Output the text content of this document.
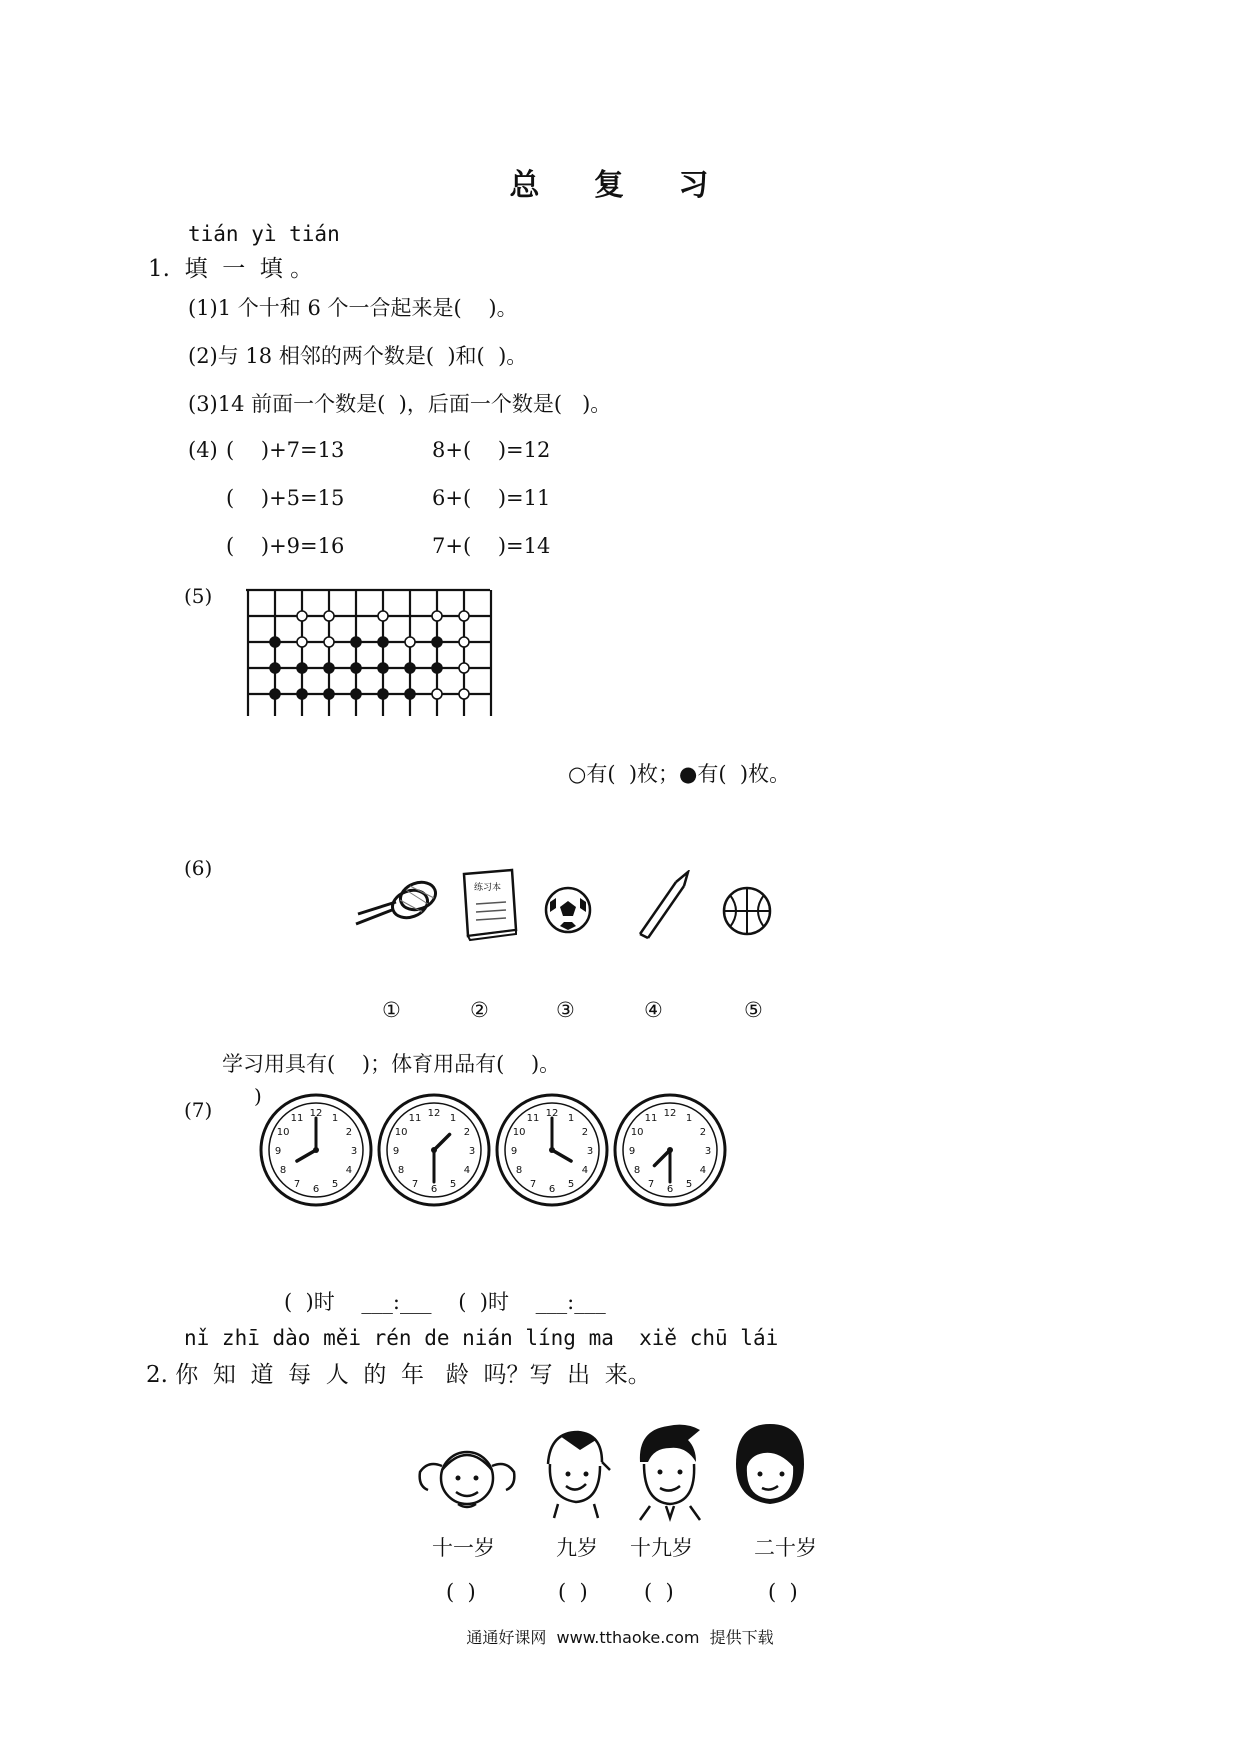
总 复 习
tián yì tián
1.  填  一  填 。
(1)1 个十和 6 个一合起来是(    )。
(2)与 18 相邻的两个数是(  )和(  )。
(3)14 前面一个数是(  )，后面一个数是(   )。
(4) (    )+7=13	8+(    )=12
(    )+5=15	6+(    )=11
(    )+9=16	7+(    )=14
(5)
○有(  )枚；●有(  )枚。
(6)
练习本
①	②	③	④	⑤
学习用具有(    )；体育用品有(    )。
(7)
)
1
2
3
4
5
6
7
8
9
10
11 12	1
2
3
4
5
6
7
8
9
10
11 12	1
2
3
4
5
6
7
8
9
10
11 12	1
2
3
4
5
6
7
8
9
10
11 12
(  )时    ___:___    (  )时    ___:___
nǐ zhī dào měi rén de nián líng ma  xiě chū lái
2. 你  知  道  每  人  的  年   龄  吗？写  出  来。
十一岁	九岁 十九岁	二十岁
(  )	(  )	(  )	(  )
通通好课网  www.tthaoke.com  提供下载
